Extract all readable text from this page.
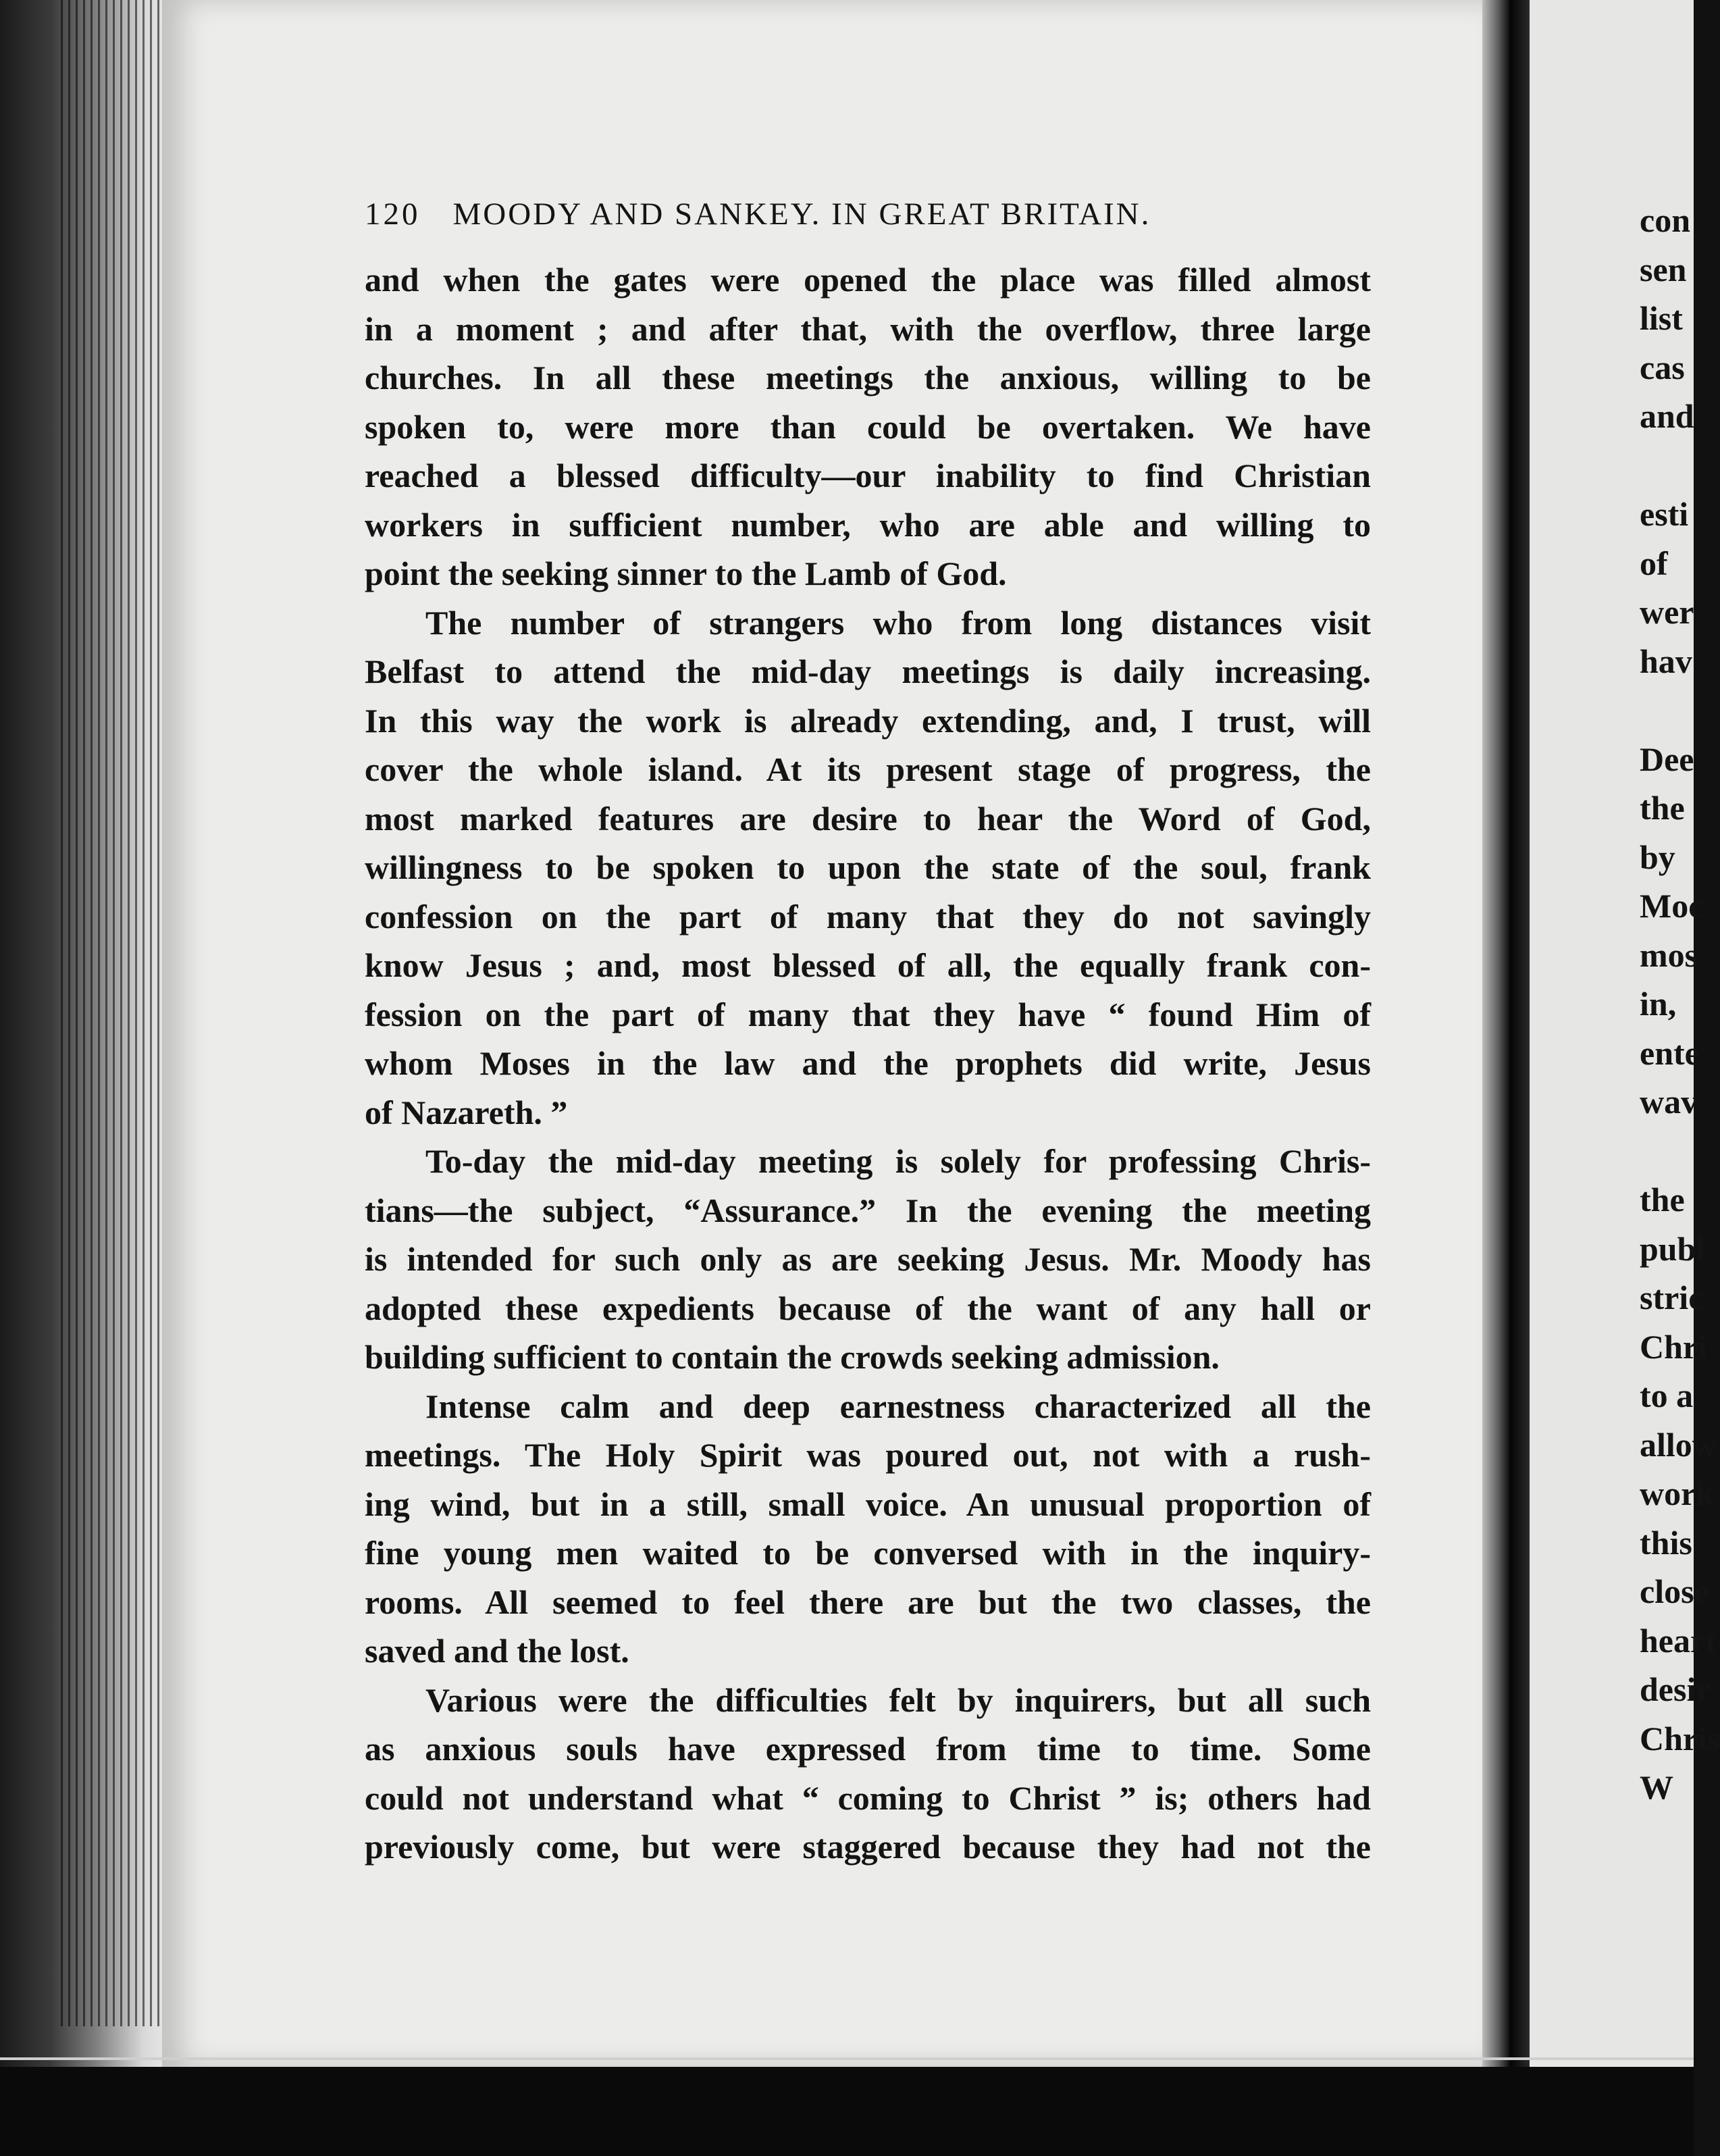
120 MOODY AND SANKEY. IN GREAT BRITAIN.

and when the gates were opened the place was filled almost
in a moment ; and after that, with the overflow, three large
churches. In all these meetings the anxious, willing to be
spoken to, were more than could be overtaken. We have
reached a blessed difficulty—our inability to find Christian
workers in sufficient number, who are able and willing to
point the seeking sinner to the Lamb of God.

The number of strangers who from long distances visit
Belfast to attend the mid-day meetings is daily increasing.
In this way the work is already extending, and, I trust, will
cover the whole island. At its present stage of progress, the
most marked features are desire to hear the Word of God,
willingness to be spoken to upon the state of the soul, frank
confession on the part of many that they do not savingly
know Jesus ; and, most blessed of all, the equally frank con-
fession on the part of many that they have “ found Him of
whom Moses in the law and the prophets did write, Jesus
of Nazareth. ”

To-day the mid-day meeting is solely for professing Chris-
tians—the subject, “Assurance.” In the evening the meeting
is intended for such only as are seeking Jesus. Mr. Moody has
adopted these expedients because of the want of any hall or
building sufficient to contain the crowds seeking admission.

Intense calm and deep earnestness characterized all the
meetings. The Holy Spirit was poured out, not with a rush-
ing wind, but in a still, small voice. An unusual proportion of
fine young men waited to be conversed with in the inquiry-
rooms. All seemed to feel there are but the two classes, the
saved and the lost.

Various were the difficulties felt by inquirers, but all such
as anxious souls have expressed from time to time. Some
could not understand what “ coming to Christ ” is; others had
previously come, but were staggered because they had not the

con
sen
list
cas
and
esti
of
wer
hav
Dee
the
by
Moc
mos
in,
ente
wav
the
publ
stric
Chri
to a
allow
work
this
close
heart
desir
Chris
W
